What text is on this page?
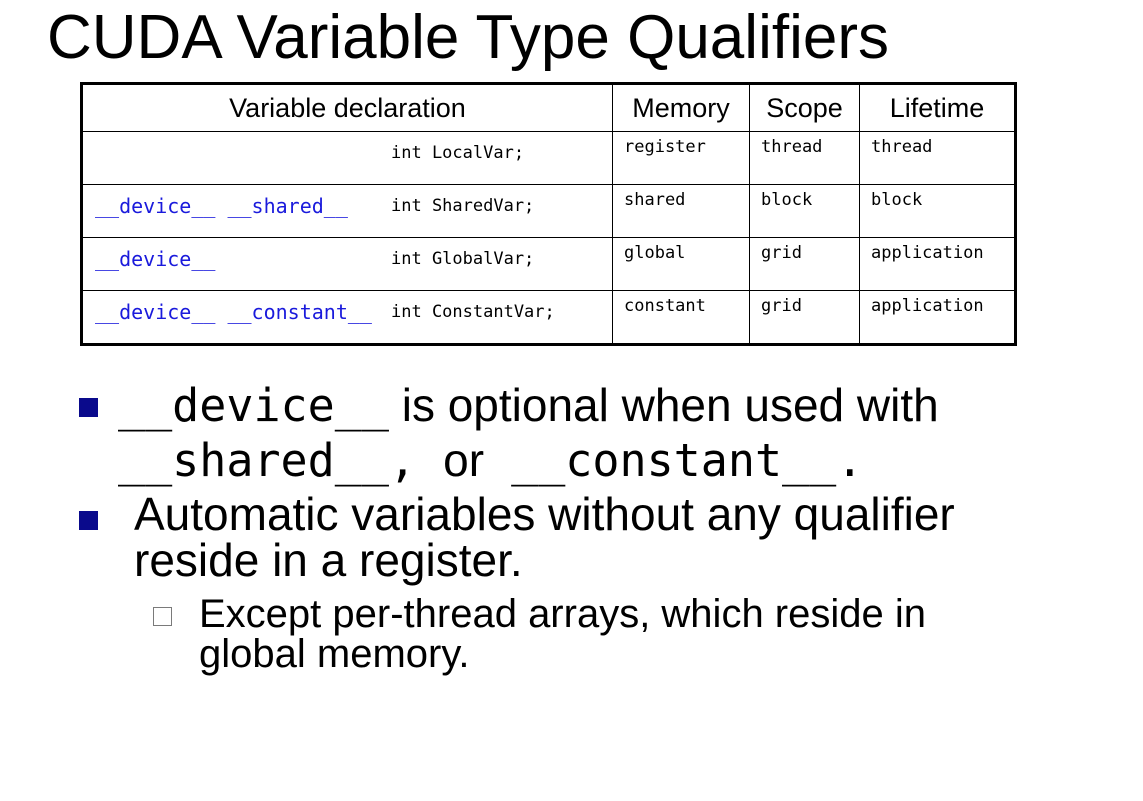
CUDA Variable Type Qualifiers
Variable declaration	Memory	Scope	Lifetime

int LocalVar;	register	thread	thread

__device__ __shared__ int SharedVar;	shared	block	block

__device__ int GlobalVar;	global	grid	application

__device__ __constant__ int ConstantVar;	constant	grid	application
__device__ is optional when used with
__shared__, or __constant__.
Automatic variables without any qualifier
reside in a register.
Except per-thread arrays, which reside in
global memory.
